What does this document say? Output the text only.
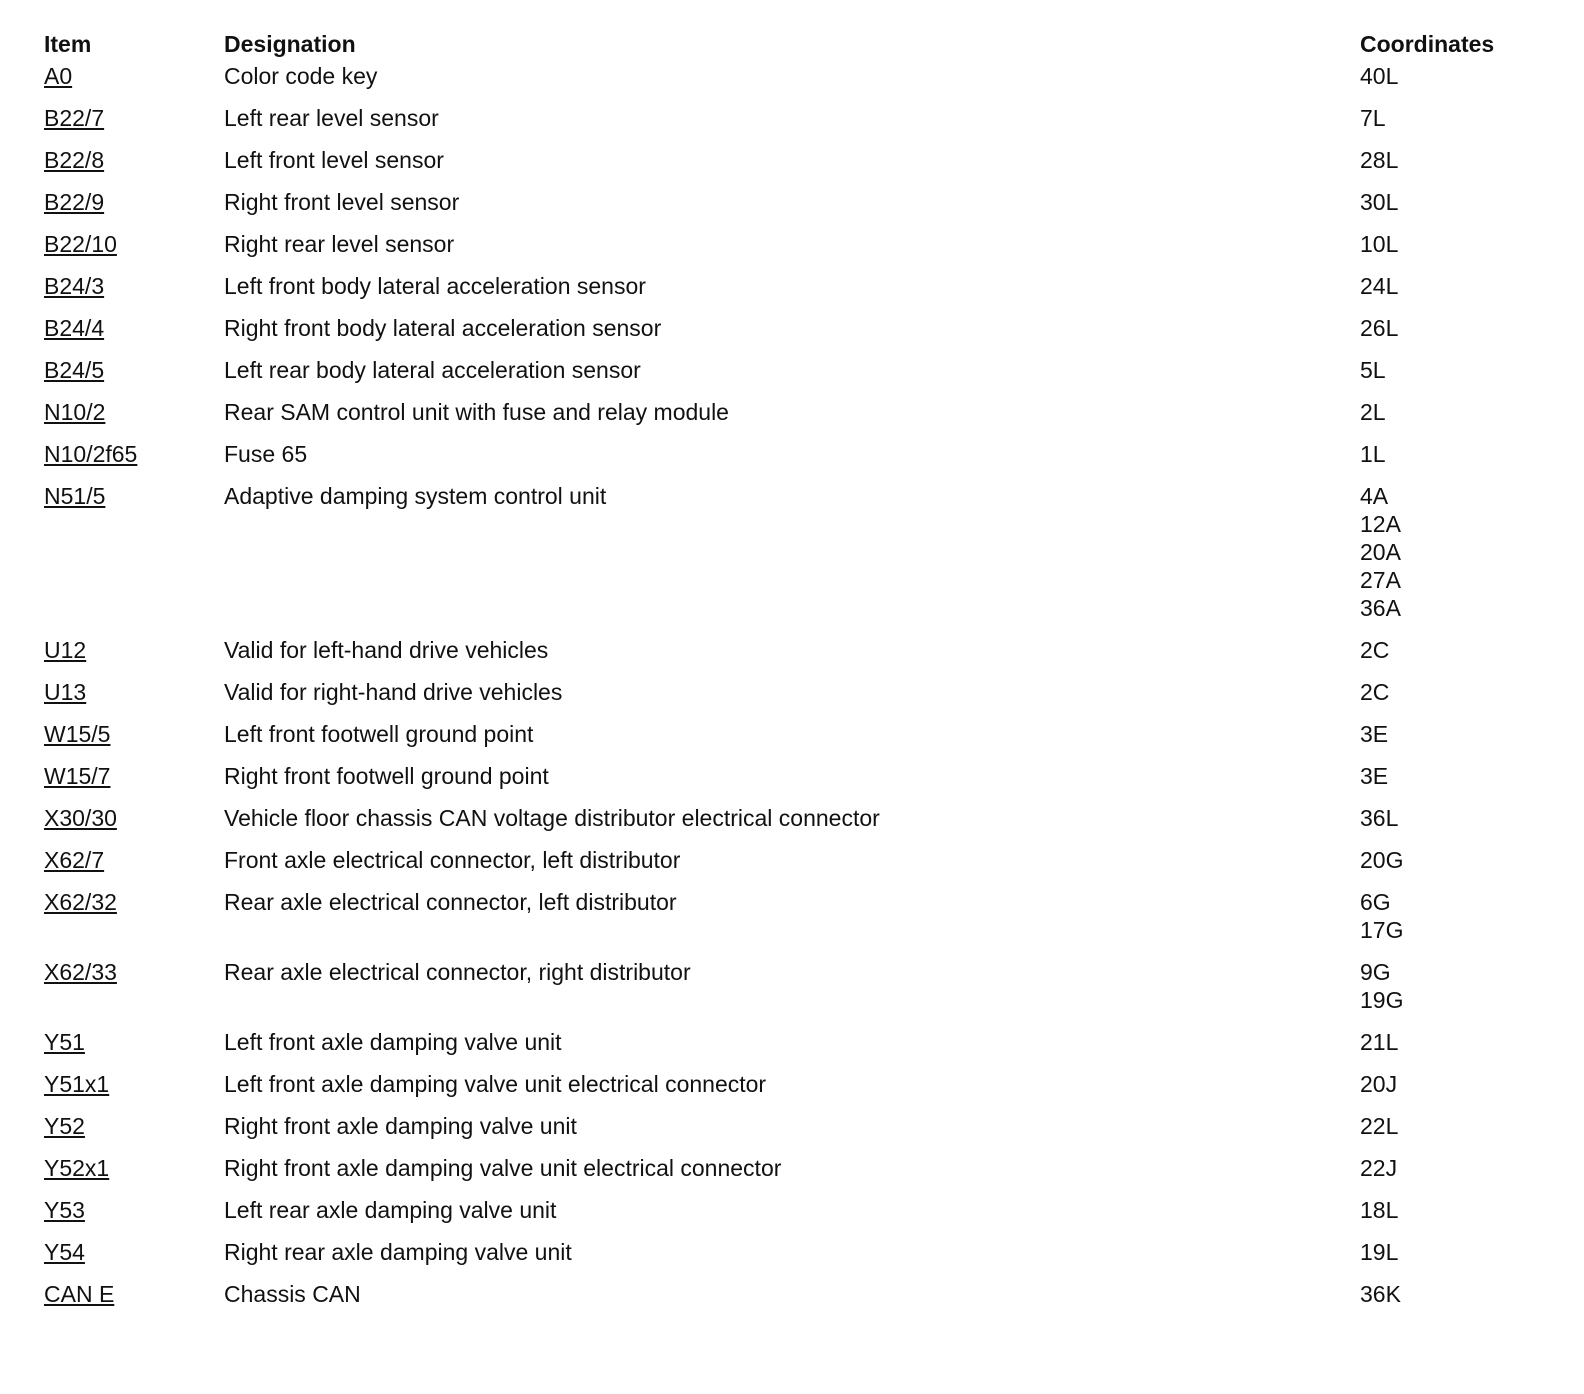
Item	Designation	Coordinates
A0	Color code key	40L

B22/7	Left rear level sensor	7L

B22/8	Left front level sensor	28L

B22/9	Right front level sensor	30L

B22/10	Right rear level sensor	10L

B24/3	Left front body lateral acceleration sensor	24L

B24/4	Right front body lateral acceleration sensor	26L

B24/5	Left rear body lateral acceleration sensor	5L

N10/2	Rear SAM control unit with fuse and relay module	2L

N10/2f65	Fuse 65	1L

N51/5	Adaptive damping system control unit	4A
12A
20A
27A
36A

U12	Valid for left-hand drive vehicles	2C

U13	Valid for right-hand drive vehicles	2C

W15/5	Left front footwell ground point	3E

W15/7	Right front footwell ground point	3E

X30/30	Vehicle floor chassis CAN voltage distributor electrical connector	36L

X62/7	Front axle electrical connector, left distributor	20G

X62/32	Rear axle electrical connector, left distributor	6G
17G

X62/33	Rear axle electrical connector, right distributor	9G
19G

Y51	Left front axle damping valve unit	21L

Y51x1	Left front axle damping valve unit electrical connector	20J

Y52	Right front axle damping valve unit	22L

Y52x1	Right front axle damping valve unit electrical connector	22J

Y53	Left rear axle damping valve unit	18L

Y54	Right rear axle damping valve unit	19L

CAN E	Chassis CAN	36K
